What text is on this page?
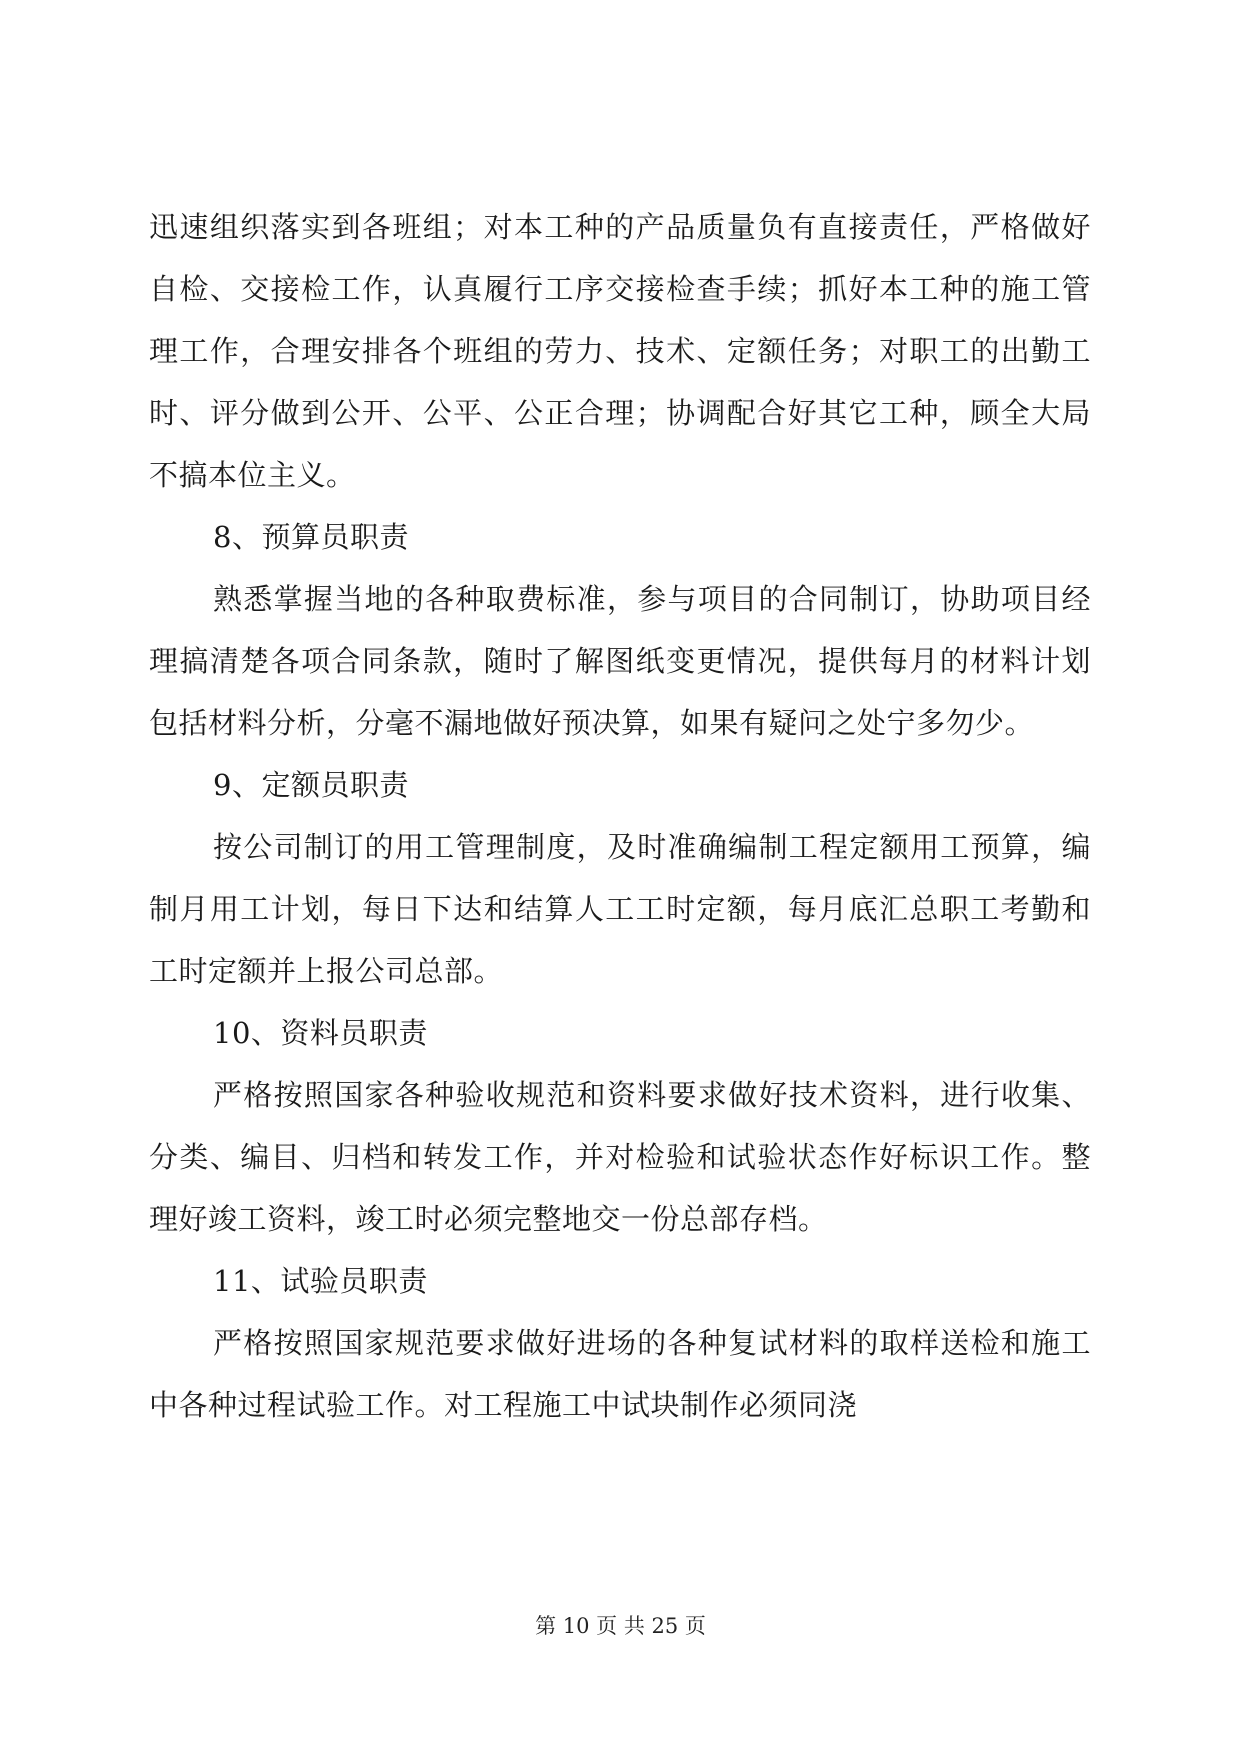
迅速组织落实到各班组；对本工种的产品质量负有直接责任，严格做好自检、交接检工作，认真履行工序交接检查手续；抓好本工种的施工管理工作，合理安排各个班组的劳力、技术、定额任务；对职工的出勤工时、评分做到公开、公平、公正合理；协调配合好其它工种，顾全大局不搞本位主义。

8、预算员职责

熟悉掌握当地的各种取费标准，参与项目的合同制订，协助项目经理搞清楚各项合同条款，随时了解图纸变更情况，提供每月的材料计划包括材料分析，分毫不漏地做好预决算，如果有疑问之处宁多勿少。

9、定额员职责

按公司制订的用工管理制度，及时准确编制工程定额用工预算，编制月用工计划，每日下达和结算人工工时定额，每月底汇总职工考勤和工时定额并上报公司总部。

10、资料员职责

严格按照国家各种验收规范和资料要求做好技术资料，进行收集、分类、编目、归档和转发工作，并对检验和试验状态作好标识工作。整理好竣工资料，竣工时必须完整地交一份总部存档。

11、试验员职责

严格按照国家规范要求做好进场的各种复试材料的取样送检和施工中各种过程试验工作。对工程施工中试块制作必须同浇

第 10 页 共 25 页
